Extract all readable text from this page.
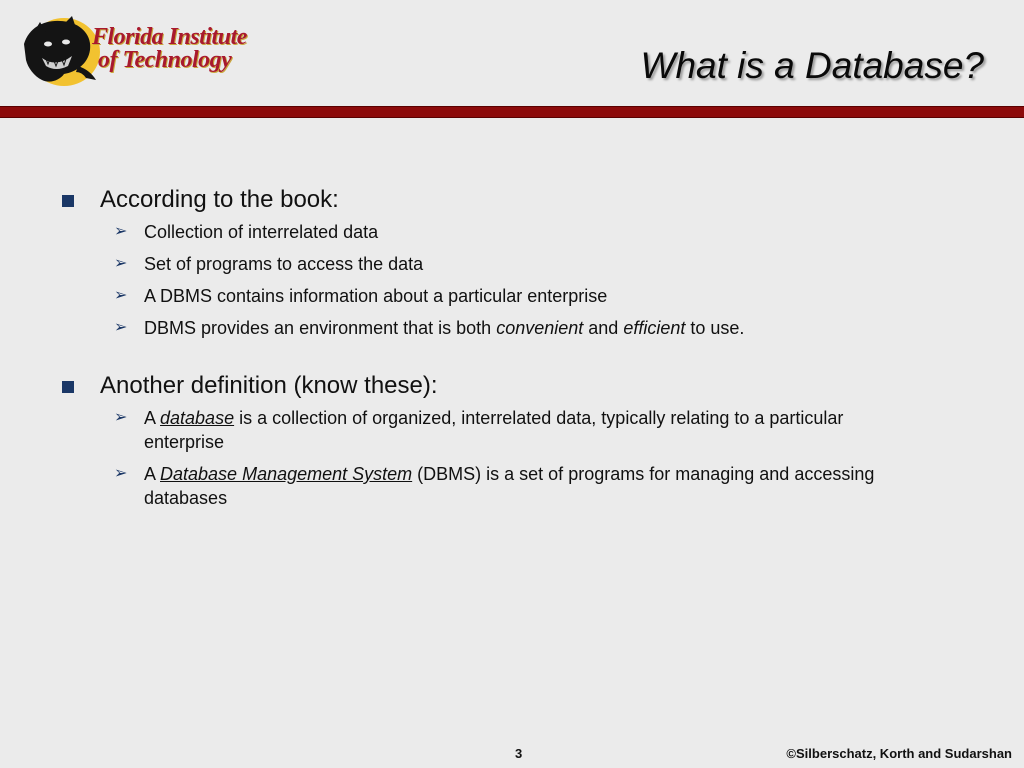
Florida Institute
of Technology	What is a Database?
According to the book:
➢ Collection of interrelated data
➢ Set of programs to access the data
➢ A DBMS contains information about a particular enterprise
➢ DBMS provides an environment that is both convenient and efficient to use.
Another definition (know these):
➢ A database is a collection of organized, interrelated data, typically relating to a particular enterprise
➢ A Database Management System (DBMS) is a set of programs for managing and accessing databases
3	©Silberschatz, Korth and Sudarshan
